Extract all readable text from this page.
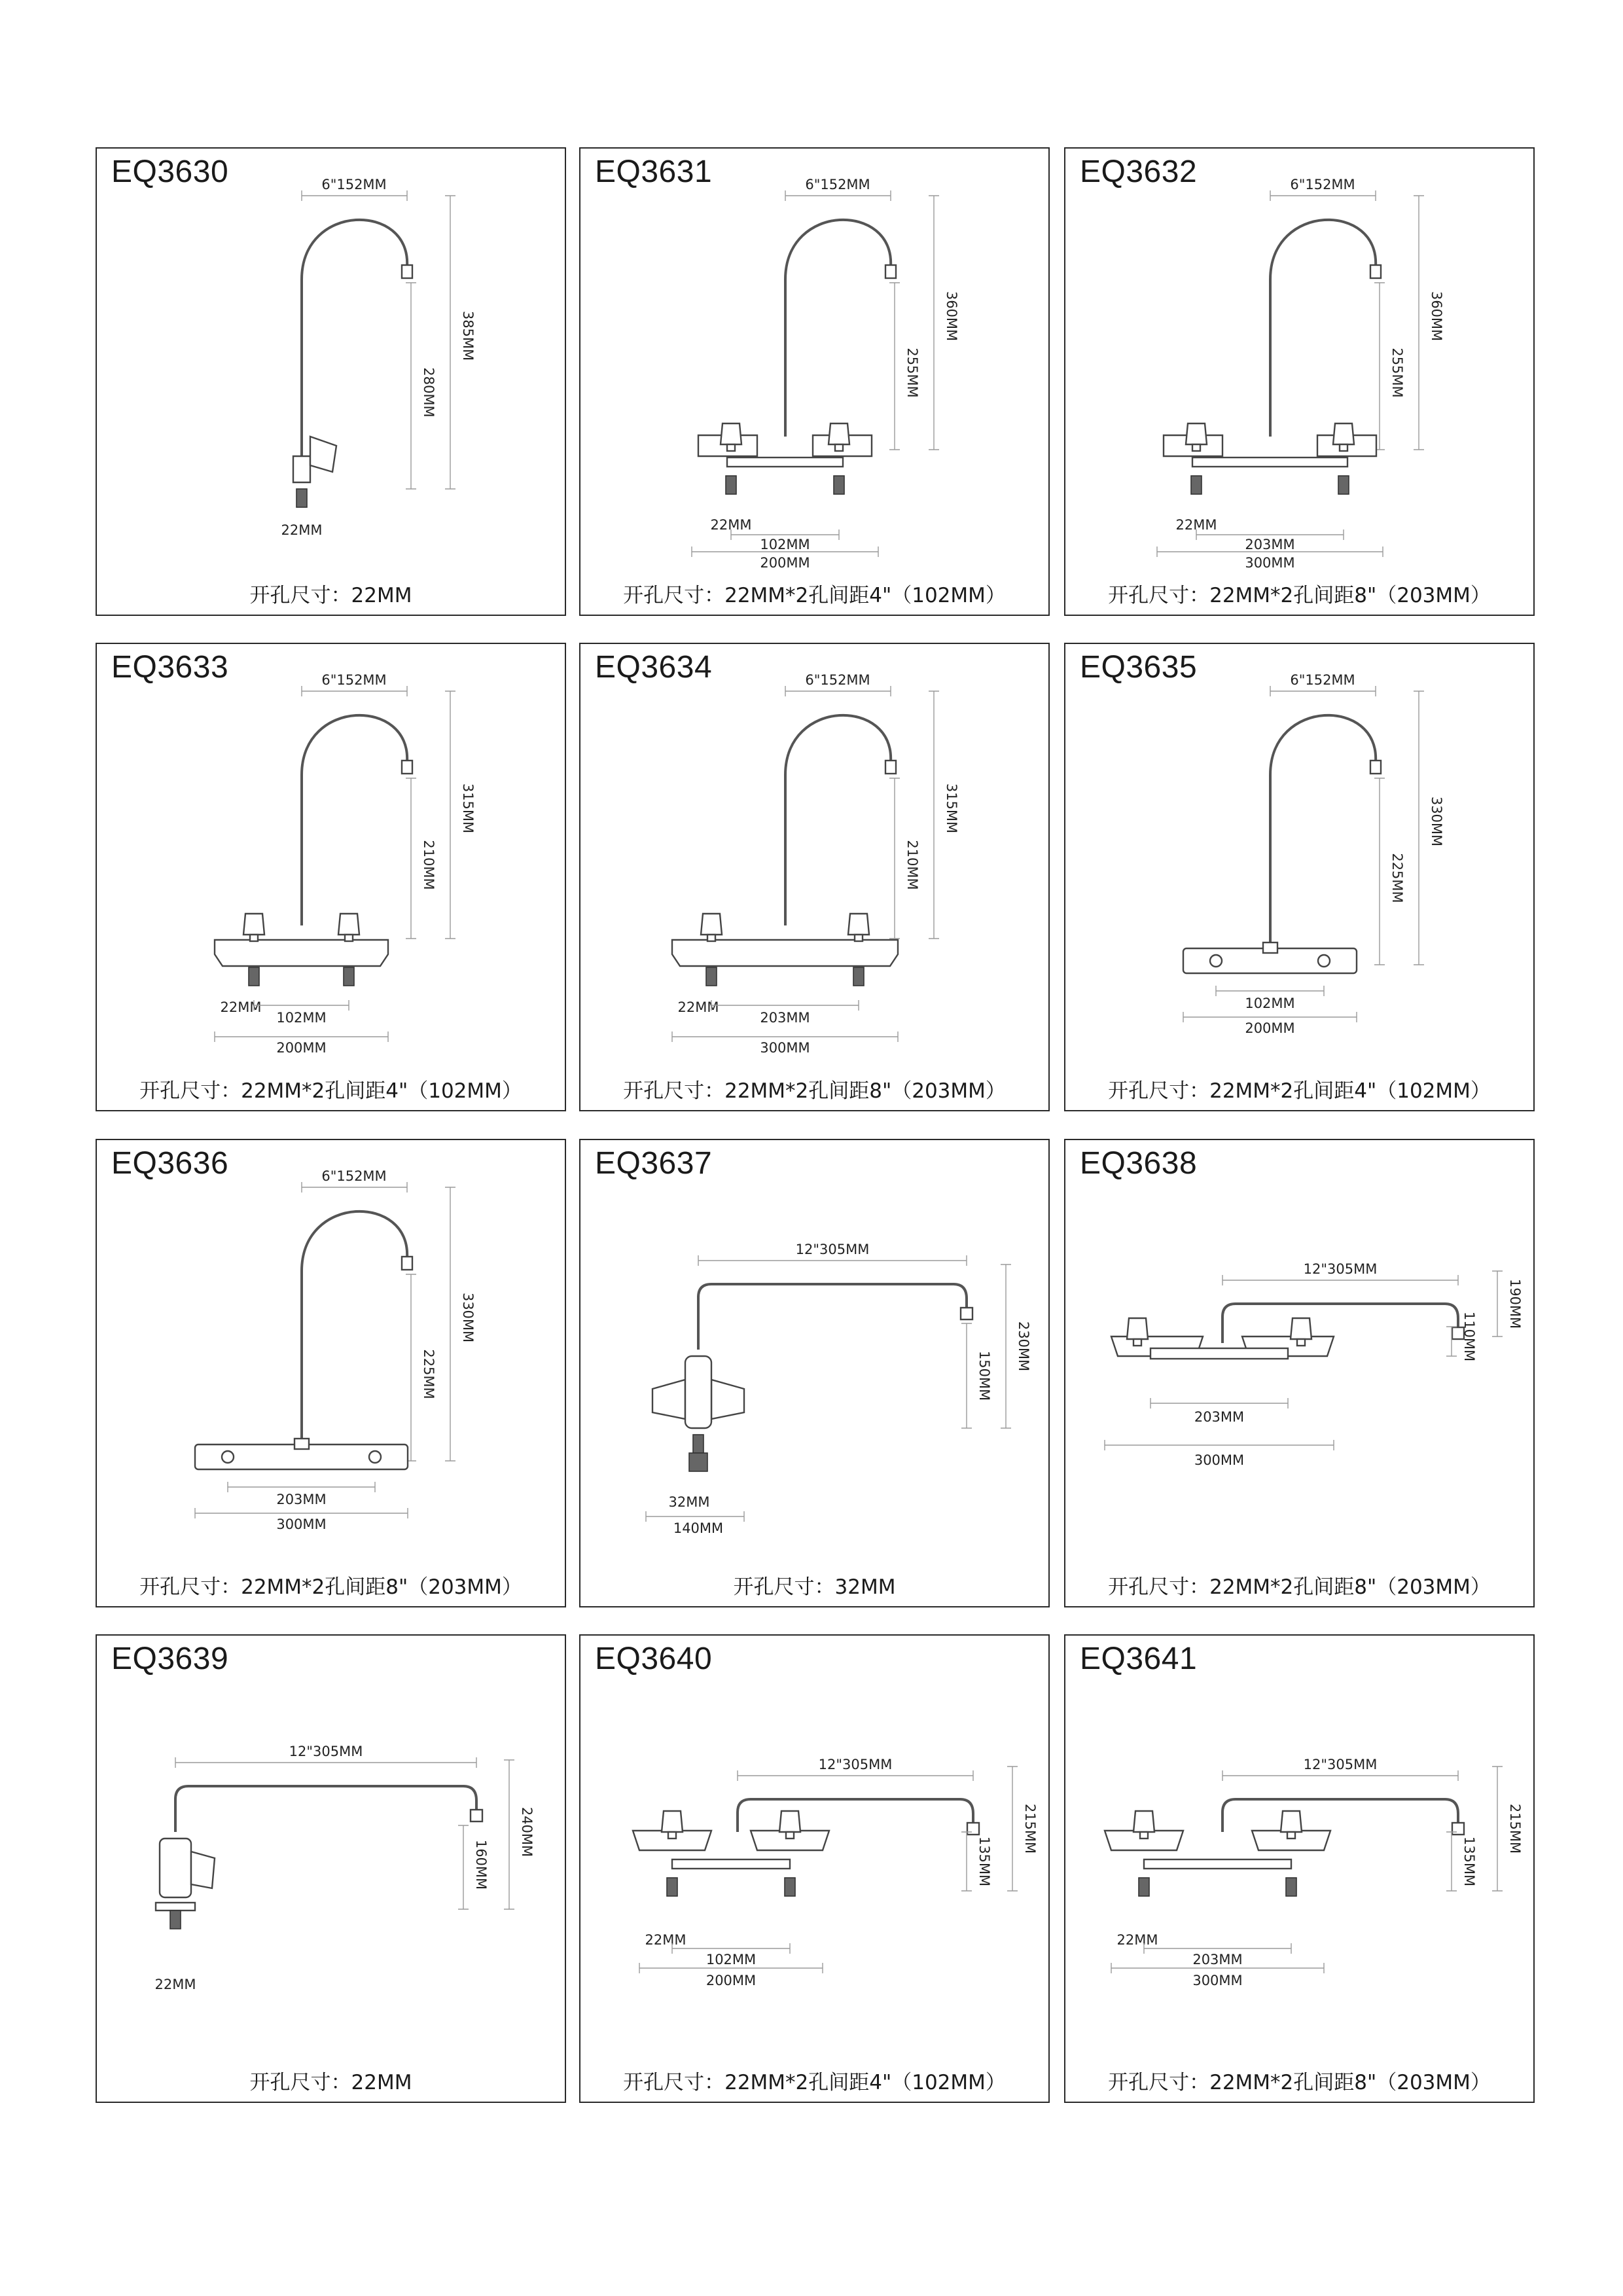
6"152MM
385MM
280MM
22MM
EQ3630
开孔尺寸：22MM
6"152MM
360MM
255MM
22MM
102MM
200MM
EQ3631
开孔尺寸：22MM*2孔间距4"（102MM）
6"152MM
360MM
255MM
22MM
203MM
300MM
EQ3632
开孔尺寸：22MM*2孔间距8"（203MM）
6"152MM
315MM
210MM
22MM
102MM
200MM
EQ3633
开孔尺寸：22MM*2孔间距4"（102MM）
6"152MM
315MM
210MM
22MM
203MM
300MM
EQ3634
开孔尺寸：22MM*2孔间距8"（203MM）
6"152MM
330MM
225MM
102MM
200MM
EQ3635
开孔尺寸：22MM*2孔间距4"（102MM）
6"152MM
330MM
225MM
203MM
300MM
EQ3636
开孔尺寸：22MM*2孔间距8"（203MM）
12"305MM
32MM
140MM
230MM
150MM
EQ3637
开孔尺寸：32MM
12"305MM
203MM
300MM
190MM
110MM
EQ3638
开孔尺寸：22MM*2孔间距8"（203MM）
12"305MM
22MM
240MM
160MM
EQ3639
开孔尺寸：22MM
12"305MM
22MM
102MM
200MM
215MM
135MM
EQ3640
开孔尺寸：22MM*2孔间距4"（102MM）
12"305MM
22MM
203MM
300MM
215MM
135MM
EQ3641
开孔尺寸：22MM*2孔间距8"（203MM）
